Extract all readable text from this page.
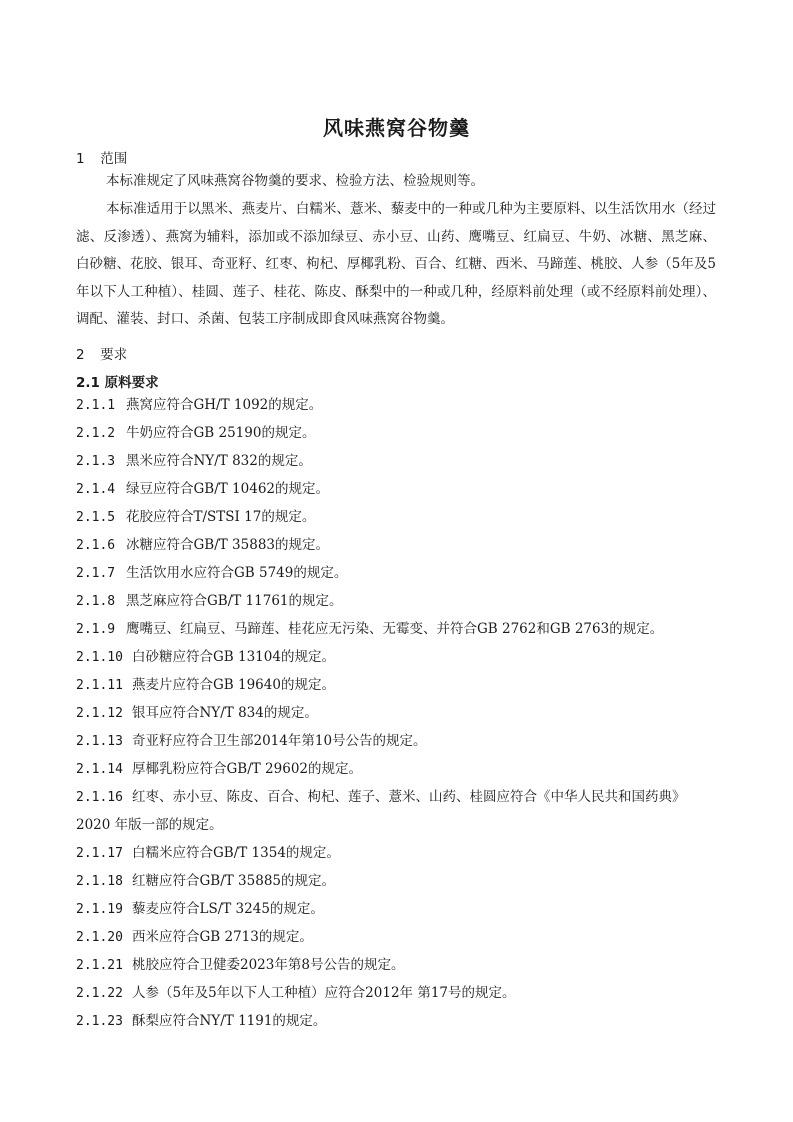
风味燕窝谷物羹
1 范围
本标准规定了风味燕窝谷物羹的要求、检验方法、检验规则等。
本标准适用于以黑米、燕麦片、白糯米、薏米、藜麦中的一种或几种为主要原料、以生活饮用水（经过滤、反渗透）、燕窝为辅料，添加或不添加绿豆、赤小豆、山药、鹰嘴豆、红扁豆、牛奶、冰糖、黑芝麻、白砂糖、花胶、银耳、奇亚籽、红枣、枸杞、厚椰乳粉、百合、红糖、西米、马蹄莲、桃胶、人参（5年及5年以下人工种植）、桂圆、莲子、桂花、陈皮、酥梨中的一种或几种，经原料前处理（或不经原料前处理）、调配、灌装、封口、杀菌、包装工序制成即食风味燕窝谷物羹。
2 要求
2.1 原料要求
2.1.1 燕窝应符合GH/T 1092的规定。
2.1.2 牛奶应符合GB 25190的规定。
2.1.3 黑米应符合NY/T 832的规定。
2.1.4 绿豆应符合GB/T 10462的规定。
2.1.5 花胶应符合T/STSI 17的规定。
2.1.6 冰糖应符合GB/T 35883的规定。
2.1.7 生活饮用水应符合GB 5749的规定。
2.1.8 黑芝麻应符合GB/T 11761的规定。
2.1.9 鹰嘴豆、红扁豆、马蹄莲、桂花应无污染、无霉变、并符合GB 2762和GB 2763的规定。
2.1.10 白砂糖应符合GB 13104的规定。
2.1.11 燕麦片应符合GB 19640的规定。
2.1.12 银耳应符合NY/T 834的规定。
2.1.13 奇亚籽应符合卫生部2014年第10号公告的规定。
2.1.14 厚椰乳粉应符合GB/T 29602的规定。
2.1.16 红枣、赤小豆、陈皮、百合、枸杞、莲子、薏米、山药、桂圆应符合《中华人民共和国药典》2020 年版一部的规定。
2.1.17 白糯米应符合GB/T 1354的规定。
2.1.18 红糖应符合GB/T 35885的规定。
2.1.19 藜麦应符合LS/T 3245的规定。
2.1.20 西米应符合GB 2713的规定。
2.1.21 桃胶应符合卫健委2023年第8号公告的规定。
2.1.22 人参（5年及5年以下人工种植）应符合2012年 第17号的规定。
2.1.23 酥梨应符合NY/T 1191的规定。
